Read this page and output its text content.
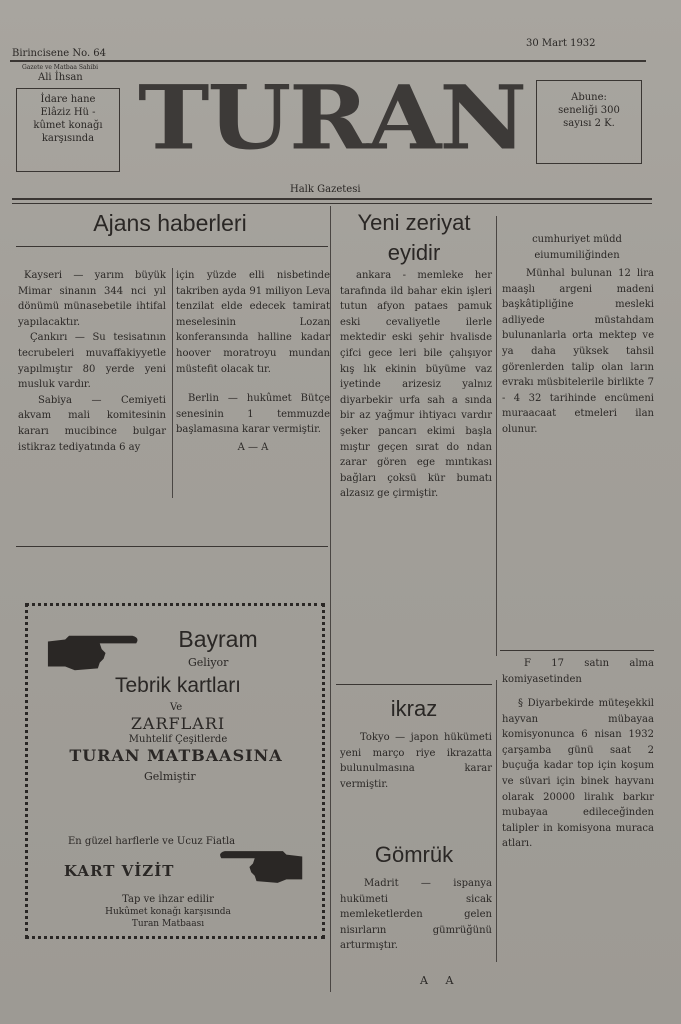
Birincisene No. 64
30 Mart 1932
Gazete ve Matbaa Sahibi
Ali İhsan
İdare hane
Elâziz Hü -
kûmet konağı
karşısında TURAN	Abune:
seneliği 300
sayısı 2 K.
Halk Gazetesi
Ajans haberleri

Kayseri — yarım büyük Mimar sinanın 344 nci yıl dönümü münasebetile ihtifal yapılacaktır.

Çankırı — Su tesisatının tecrubeleri muvaffakiyyetle yapılmıştır 80 yerde yeni musluk vardır.

Sabiya — Cemiyeti akvam mali komitesinin kararı mucibince bulgar istikraz tediyatında 6 ay

için yüzde elli nisbetinde takriben ayda 91 miliyon Leva tenzilat elde edecek tamirat meselesinin Lozan konferansında halline kadar hoover moratroyu mundan müstefit olacak tır.

Berlin — hukûmet Bütçe senesinin 1 temmuzde başlamasına karar vermiştir.

A — A

Bayram
Geliyor
Tebrik kartları
Ve
ZARFLARI
Muhtelif Çeşitlerde
TURAN MATBAASINA
Gelmiştir
En güzel harflerle ve Ucuz Fiatla
KART VİZİT
Tap ve ihzar edilir
Hukûmet konağı karşısında
Turan Matbaası
Yeni zeriyat eyidir
ankara - memleke her tarafında ild bahar ekin işleri tutun afyon pataes pamuk eski cevaliyetle ilerle mektedir eski şehir hvalisde çifci gece leri bile çalışıyor kış lık ekinin büyüme vaz iyetinde arizesiz yalnız diyarbekir urfa sah a sında bir az yağmur ihtiyacı vardır şeker pancarı ekimi başla mıştır geçen sırat do ndan zarar gören ege mıntıkası bağları çoksü kür bumatı alzasız ge çirmiştir.
ikraz
Tokyo — japon hükümeti yeni março riye ikrazatta bulunulmasına karar vermiştir.
Gömrük
Madrit — ispanya hukümeti sicak memleketlerden gelen nisırların gümrüğünü arturmıştır.
A A
cumhuriyet müdd eiumumiliğinden
Münhal bulunan 12 lira maaşlı argeni madeni başkâtipliğine mesleki adliyede müstahdam bulunanlarla orta mektep ve ya daha yüksek tahsil görenlerden talip olan ların evrakı müsbitelerile birlikte 7 - 4 32 tarihinde encümeni muraacaat etmeleri ilan olunur.
F 17 satın alma komiyasetinden
§ Diyarbekirde müteşekkil hayvan mübayaa komisyonunca 6 nisan 1932 çarşamba günü saat 2 buçuğa kadar top için koşum ve süvari için binek hayvanı olarak 20000 liralık barkır mubayaa edileceğinden talipler in komisyona muraca atları.
